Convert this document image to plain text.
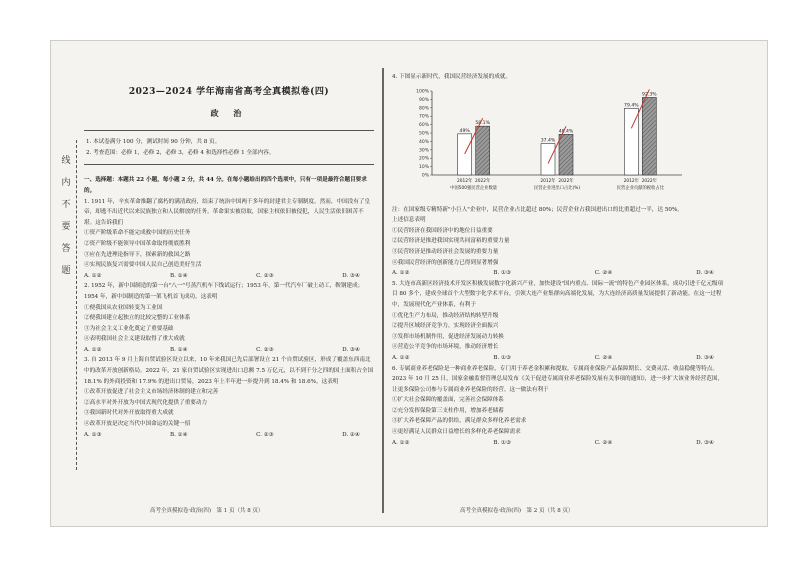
线
内
不
要
答
题
2023—2024 学年海南省高考全真模拟卷(四)
政 治
1. 本试卷满分 100 分，测试时间 90 分钟，共 8 页。
2. 考查范围：必修 1，必修 2，必修 3，必修 4 和选择性必修 1 全部内容。
一、选择题：本题共 22 小题，每小题 2 分，共 44 分。在每小题给出的四个选项中，只有一项是最符合题目要求的。
1. 1911 年，辛亥革命推翻了腐朽的满清政府，结束了统治中国两千多年的封建君主专制制度。然而，中国没有了皇帝，却逃不出近代以来民族独立和人民解放的任务。革命果实被窃取，国家主权依旧被侵犯，人民生活依旧困苦不堪。这告诉我们
①资产阶级革命不能完成救中国的历史任务
②资产阶级不能领导中国革命取得彻底胜利
③应在先进理论指导下，探索新的救国之路
④实现民族复兴需要中国人民自己创造美好生活
A. ①②	B. ①④	C. ②③	D. ③④
2. 1952 年，新中国制造的第一台"八一"号蒸汽机车下线试运行；1953 年，第一代汽车厂破土动工，鞍钢建成；1954 年，新中国制造的第一架飞机首飞成功。这表明
①便我国从农业国转变为工业国
②便我国建立起独立的比较完整的工业体系
③为社会主义工业化奠定了重要基础
④表明我国社会主义建设取得了重大成就
A. ①②	B. ①④	C. ②③	D. ③④
3. 自 2013 年 9 月上海自贸试验区设立以来，10 年来我国已先后部署设立 21 个自贸试验区，形成了覆盖东西南北中的改革开放创新格局。2022 年，21 家自贸试验区实现进出口总额 7.5 万亿元，以不到千分之四的国土面积占全国 18.1% 的外商投资和 17.9% 的进出口贸易，2023 年上半年进一步提升到 18.4% 和 18.6%。这表明
①改革开放促进了社会主义市场经济体制的建立和完善
②高水平对外开放为中国式现代化提供了重要动力
③我国新时代对外开放取得重大成就
④改革开放是决定当代中国命运的关键一招
A. ①③	B. ①④	C. ②③	D. ②④
高考全真模拟卷·政治(四)　第 1 页（共 8 页）
4. 下图显示新时代，我国民营经济发展的成就。
0%
10%
20%
30%
40%
50%
60%
70%
80%
90%
100%
49%
2012年
58.1%
2022年
中国500强民营企业数量
37.4%
2012年
48.4%
2022年
民营企业进出口占比(%)
79.4%
2012年
92.3%
2022年
民营企业贡献的税收占比
注：在国家级专精特新"小巨人"企业中，民营企业占比超过 80%；民营企业占我国进出口的比重超过一半，达 50%。
上述信息表明
①民营经济在我国经济中的地位日益重要
②民营经济是推进我国实现共同富裕的重要力量
③民营经济是推动经济社会发展的重要力量
④我国民营经济的创新能力已得到显著增强
A. ①②	B. ①③	C. ②④	D. ③④
5. 大连市高新区经济技术开发区积极发展数字化新兴产业，加快建设"国内重点、国际一流"的特色产业园区体系，成功引进千亿元级项目 80 多个，建成全球首个大型数字化学术平台，引领大连产业集群向高端化发展，为大连经济高质量发展提供了新动能。在这一过程中，发展现代化产业体系，有利于
①优化生产力布局，推动经济结构转型升级
②提升区域经济竞争力，实现经济全面振兴
③发挥市场机制作用，促进经济发展动力转换
④营造公平竞争的市场环境，推动经济增长
A. ①②	B. ①③	C. ②④	D. ③④
6. 专属商业养老保险是一种商业养老保险，专门用于养老金积累和提取。专属商业保险产品保障期长、交费灵活、收益稳健等特点。2023 年 10 月 25 日，国家金融监督管理总局发布《关于促进专属商业养老保险发展有关事项的通知》，进一步扩大该业务经营范围，让更多保险公司参与专属商业养老保险的经营。这一做法有利于
①扩大社会保障的覆盖面，完善社会保障体系
②充分发挥保险第三支柱作用，增加养老储蓄
③扩大养老保障产品的供给，满足群众多样化养老需求
④更好满足人民群众日益增长的多样化养老保障需求
A. ①②	B. ①③	C. ②④	D. ③④
高考全真模拟卷·政治(四)　第 2 页（共 8 页）
